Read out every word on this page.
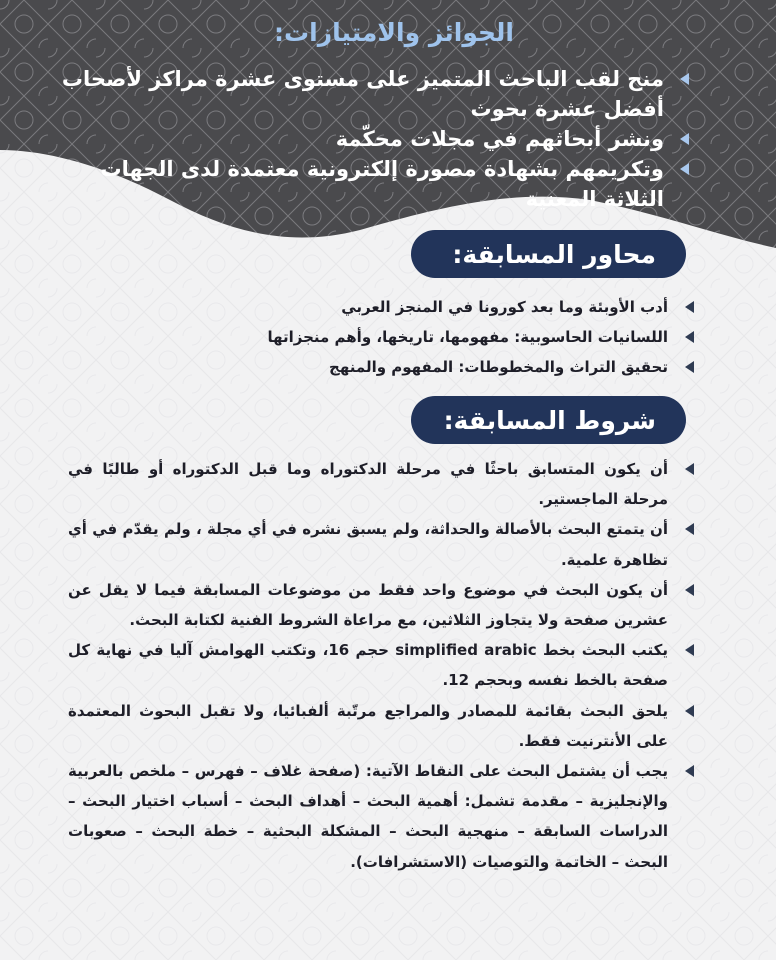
الجوائز والامتيازات:
منح لقب الباحث المتميز على مستوى عشرة مراكز لأصحاب أفضل عشرة بحوث
ونشر أبحاثهم في مجلات محكّمة
وتكريمهم بشهادة مصورة إلكترونية معتمدة لدى الجهات الثلاثة المعنية
محاور المسابقة:
أدب الأوبئة وما بعد كورونا في المنجز العربي
اللسانيات الحاسوبية: مفهومها، تاريخها، وأهم منجزاتها
تحقيق التراث والمخطوطات: المفهوم والمنهج
شروط المسابقة:
أن يكون المتسابق باحثًا في مرحلة الدكتوراه وما قبل الدكتوراه أو طالبًا في مرحلة الماجستير.
أن يتمتع البحث بالأصالة والحداثة، ولم يسبق نشره في أي مجلة ، ولم يقدّم في أي تظاهرة علمية.
أن يكون البحث في موضوع واحد فقط من موضوعات المسابقة فيما لا يقل عن عشرين صفحة ولا يتجاوز الثلاثين، مع مراعاة الشروط الفنية لكتابة البحث.
يكتب البحث بخط simplified arabic حجم 16، وتكتب الهوامش آليا في نهاية كل صفحة بالخط نفسه وبحجم 12.
يلحق البحث بقائمة للمصادر والمراجع مرتّبة ألفبائيا، ولا تقبل البحوث المعتمدة على الأنترنيت فقط.
يجب أن يشتمل البحث على النقاط الآتية: (صفحة غلاف – فهرس – ملخص بالعربية والإنجليزية – مقدمة تشمل: أهمية البحث – أهداف البحث – أسباب اختيار البحث – الدراسات السابقة – منهجية البحث – المشكلة البحثية – خطة البحث – صعوبات البحث – الخاتمة والتوصيات (الاستشرافات).
